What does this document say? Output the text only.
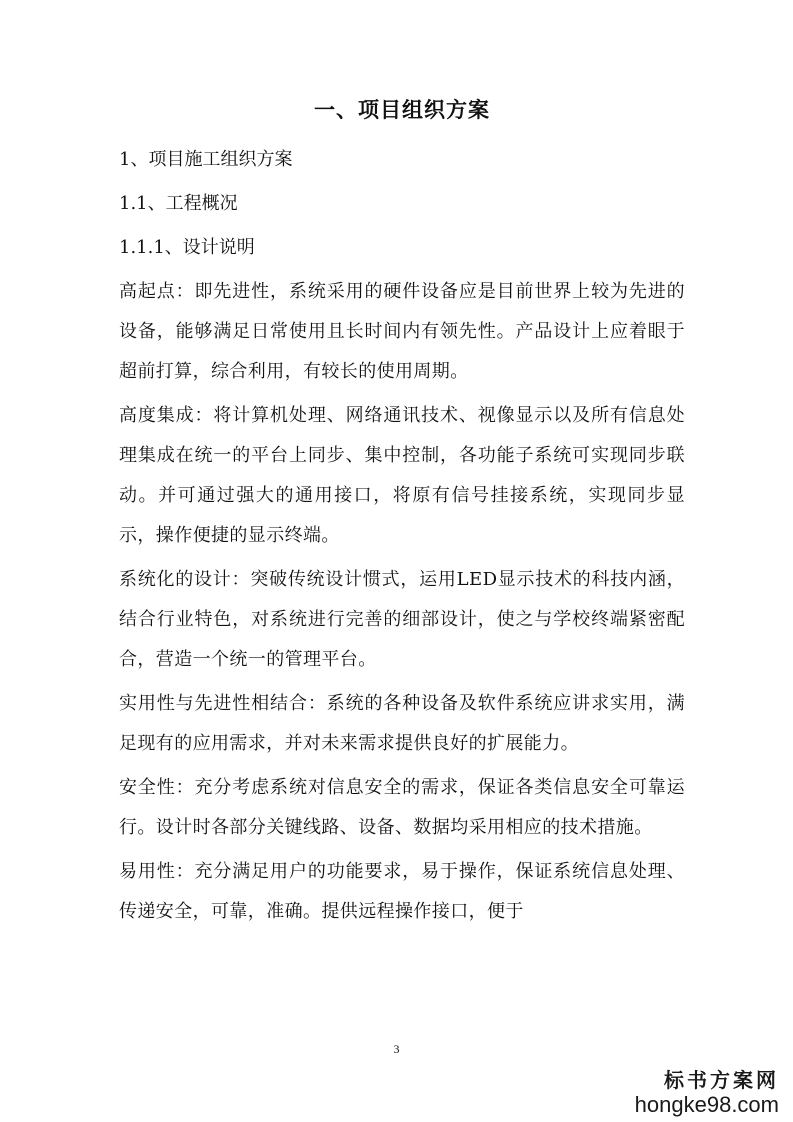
一、项目组织方案
1、项目施工组织方案
1.1、工程概况
1.1.1、设计说明

高起点：即先进性，系统采用的硬件设备应是目前世界上较为先进的设备，能够满足日常使用且长时间内有领先性。产品设计上应着眼于超前打算，综合利用，有较长的使用周期。

高度集成：将计算机处理、网络通讯技术、视像显示以及所有信息处理集成在统一的平台上同步、集中控制，各功能子系统可实现同步联动。并可通过强大的通用接口，将原有信号挂接系统，实现同步显示，操作便捷的显示终端。

系统化的设计：突破传统设计惯式，运用LED显示技术的科技内涵，结合行业特色，对系统进行完善的细部设计，使之与学校终端紧密配合，营造一个统一的管理平台。

实用性与先进性相结合：系统的各种设备及软件系统应讲求实用，满足现有的应用需求，并对未来需求提供良好的扩展能力。

安全性：充分考虑系统对信息安全的需求，保证各类信息安全可靠运行。设计时各部分关键线路、设备、数据均采用相应的技术措施。

易用性：充分满足用户的功能要求，易于操作，保证系统信息处理、传递安全，可靠，准确。提供远程操作接口，便于

3
标书方案网
hongke98.com
